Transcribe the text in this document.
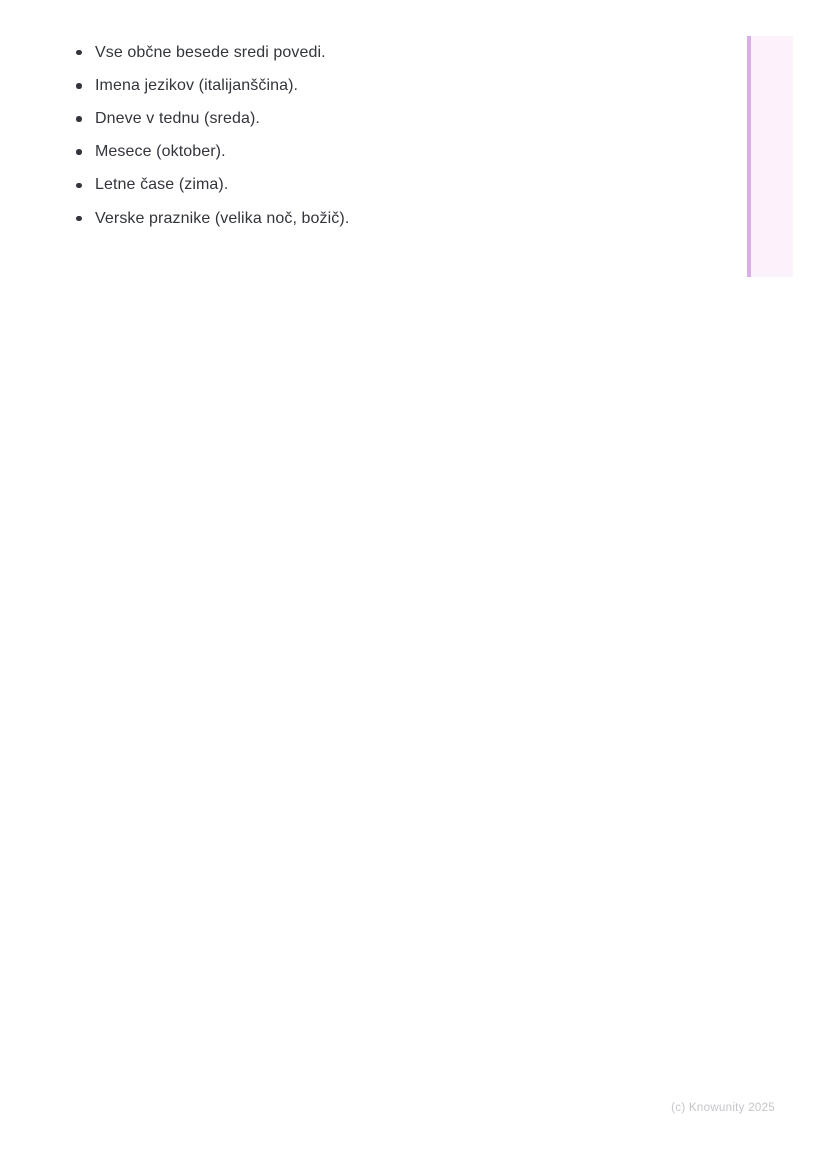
Vse občne besede sredi povedi.
Imena jezikov (italijanščina).
Dneve v tednu (sreda).
Mesece (oktober).
Letne čase (zima).
Verske praznike (velika noč, božič).
(c) Knowunity 2025
